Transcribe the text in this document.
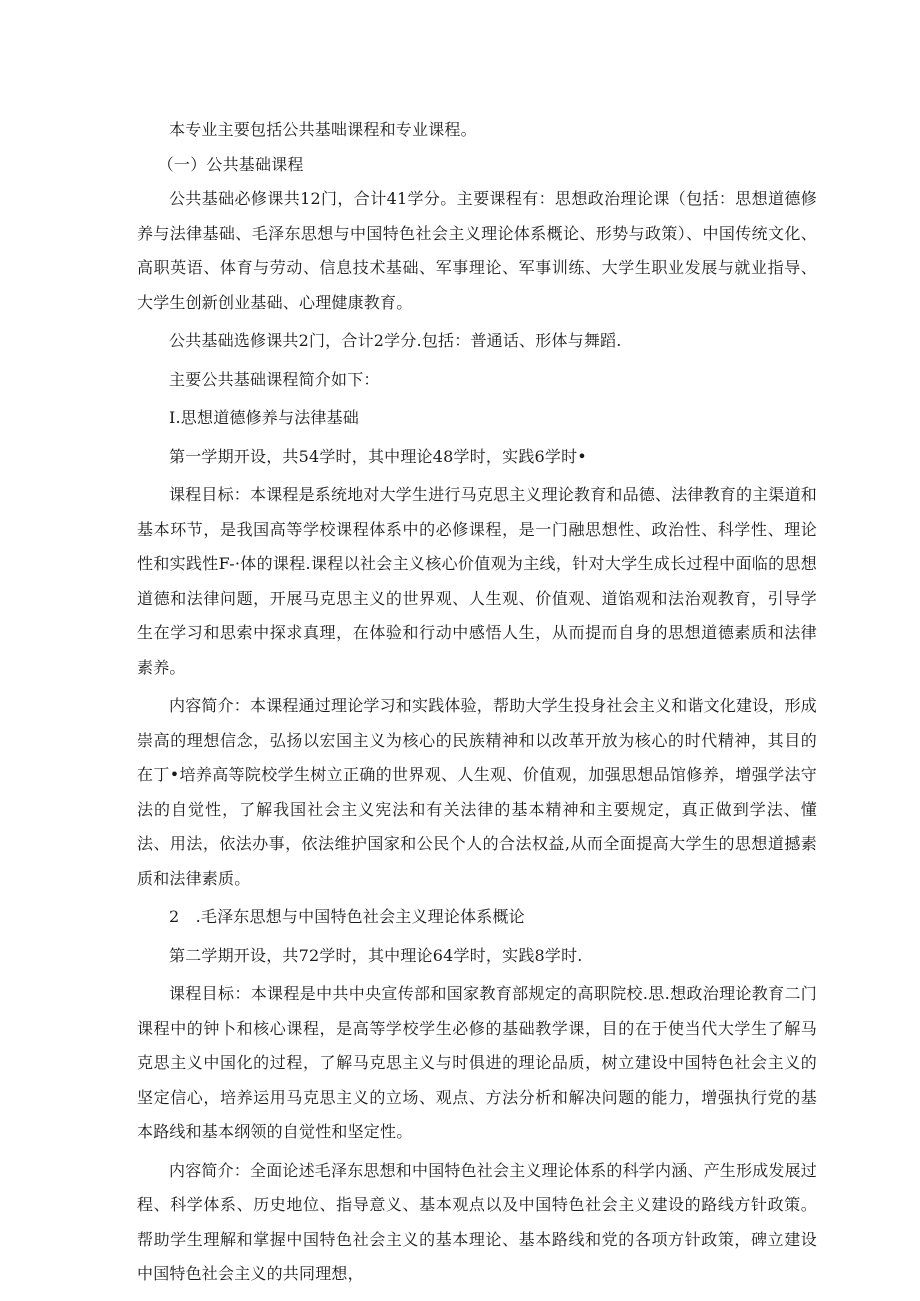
本专业主要包括公共基咄课程和专业课程。

（一）公共基础课程

公共基础必修课共12门，合计41学分。主要课程有：思想政治理论课（包括：思想道德修养与法律基础、毛泽东思想与中国特色社会主义理论体系概论、形势与政策）、中国传统文化、高职英语、体育与劳动、信息技术基础、军事理论、军事训练、大学生职业发展与就业指导、大学生创新创业基础、心理健康教育。

公共基础选修课共2门，合计2学分.包括：普通话、形体与舞蹈.

主要公共基础课程简介如下：

I.思想道德修养与法律基础

第一学期开设，共54学时，其中理论48学时，实践6学时•

课程目标：本课程是系统地对大学生进行马克思主义理论教育和品德、法律教育的主渠道和基本环节，是我国高等学校课程体系中的必修课程，是一门融思想性、政治性、科学性、理论性和实践性F-·体的课程.课程以社会主义核心价值观为主线，针对大学生成长过程中面临的思想道德和法律问题，开展马克思主义的世界观、人生观、价值观、道馅观和法治观教育，引导学生在学习和思索中探求真理，在体验和行动中感悟人生，从而提而自身的思想道德素质和法律素养。

内容简介：本课程通过理论学习和实践体验，帮助大学生投身社会主义和谐文化建设，形成崇高的理想信念，弘扬以宏国主义为核心的民族精神和以改革开放为核心的时代精神，其目的在丁•培养高等院校学生树立正确的世界观、人生观、价值观，加强思想品馆修养，增强学法守法的自觉性，了解我国社会主义宪法和有关法律的基本精神和主要规定，真正做到学法、懂法、用法，依法办事，依法维护国家和公民个人的合法权益,从而全面提高大学生的思想道撼素质和法律素质。

2　.毛泽东思想与中国特色社会主义理论体系概论

第二学期开设，共72学时，其中理论64学时，实践8学时.

课程目标：本课程是中共中央宣传部和国家教育部规定的高职院校.思.想政治理论教育二门课程中的钟卜和核心课程，是高等学校学生必修的基础教学课，目的在于使当代大学生了解马克思主义中国化的过程，了解马克思主义与时俱进的理论品质，树立建设中国特色社会主义的坚定信心，培养运用马克思主义的立场、观点、方法分析和解决问题的能力，增强执行党的基本路线和基本纲领的自觉性和坚定性。

内容简介：全面论述毛泽东思想和中国特色社会主义理论体系的科学内涵、产生形成发展过程、科学体系、历史地位、指导意义、基本观点以及中国特色社会主义建设的路线方针政策。帮助学生理解和掌握中国特色社会主义的基本理论、基本路线和党的各项方针政策，碑立建设中国特色社会主义的共同理想，
